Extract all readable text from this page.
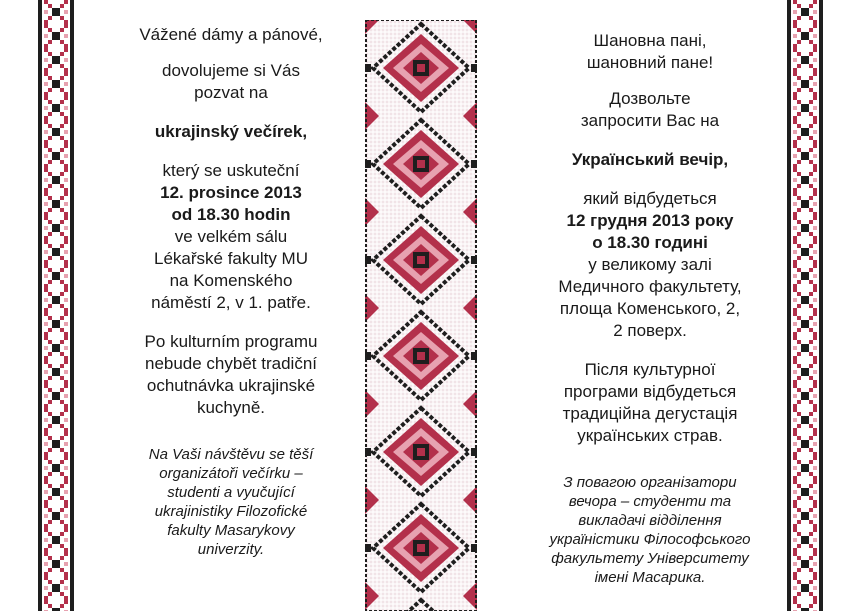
Vážené dámy a pánové,

dovolujeme si Vás

pozvat na

ukrajinský večírek,

který se uskuteční

12. prosince 2013

od 18.30 hodin

ve velkém sálu

Lékařské fakulty MU

na Komenského

náměstí 2, v 1. patře.

Po kulturním programu

nebude chybět tradiční

ochutnávka ukrajinské

kuchyně.

Na Vaši návštěvu se těší

organizátoři večírku –

studenti a vyučující

ukrajinistiky Filozofické

fakulty Masarykovy

univerzity.

Шановна пані,

шановний пане!

Дозвольте

запросити Вас на

Український вечір,

який відбудеться

12 грудня 2013 року

о 18.30 годині

у великому залі

Медичного факультету,

площа Коменського, 2,

2 поверх.

Після культурної

програми відбудеться

традиційна дегустація

українських страв.

З повагою організатори

вечора – студенти та

викладачі відділення

україністики Філософського

факультету Університету

імені Масарика.
